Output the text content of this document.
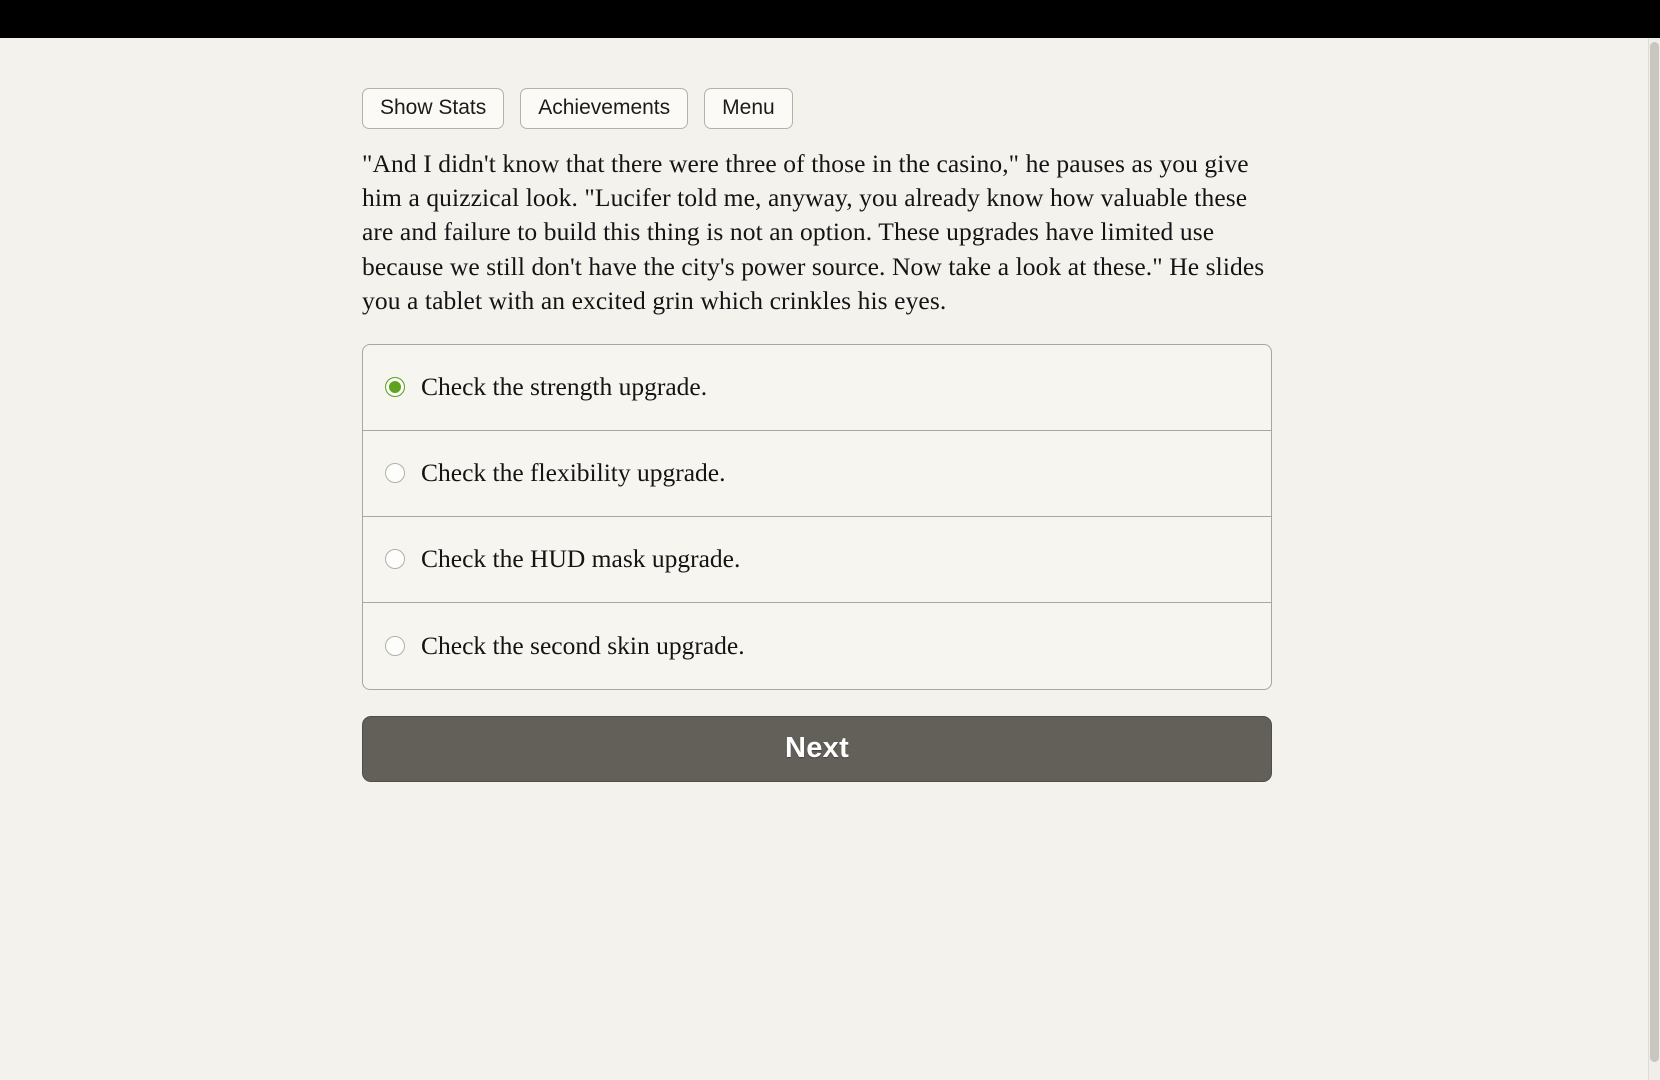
Show Stats	Achievements	Menu

"And I didn't know that there were three of those in the casino," he pauses as you give him a quizzical look. "Lucifer told me, anyway, you already know how valuable these are and failure to build this thing is not an option. These upgrades have limited use because we still don't have the city's power source. Now take a look at these." He slides you a tablet with an excited grin which crinkles his eyes.

Check the strength upgrade.
Check the flexibility upgrade.
Check the HUD mask upgrade.
Check the second skin upgrade.
Next
